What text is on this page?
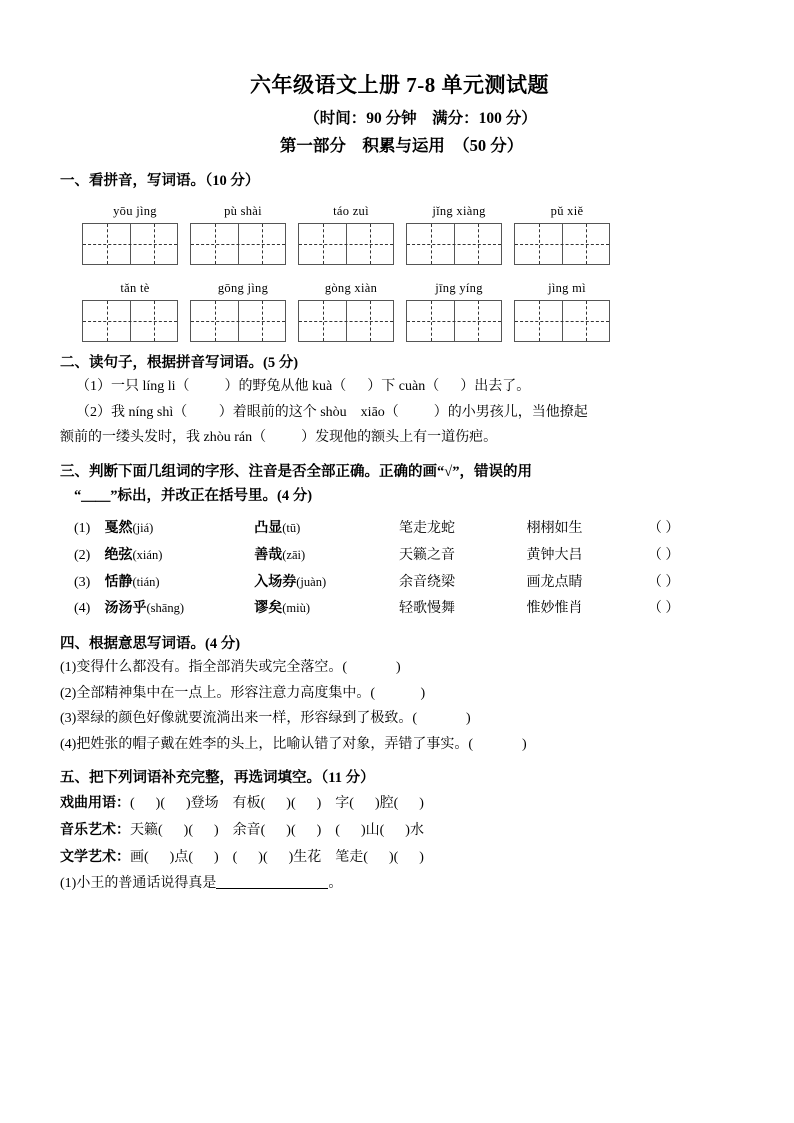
六年级语文上册 7-8 单元测试题
（时间：90 分钟　满分：100 分）
第一部分　积累与运用　（50 分）
一、看拼音，写词语。（10 分）
yōu jìng	pù shài	táo zuì	jǐng xiàng	pǔ xiě
tǎn tè	gōng jìng	gòng xiàn	jīng yíng	jìng mì
二、读句子，根据拼音写词语。(5 分)
（1）一只 líng li（          ）的野兔从他 kuà（      ）下 cuàn（      ）出去了。
（2）我 níng shì（         ）着眼前的这个 shòu　xiāo（          ）的小男孩儿，当他撩起
额前的一缕头发时，我 zhòu rán（          ）发现他的额头上有一道伤疤。
三、判断下面几组词的字形、注音是否全部正确。正确的画“√”，错误的用
“＿＿”标出，并改正在括号里。(4 分)
(1)	戛然(jiá)	凸显(tū)	笔走龙蛇	栩栩如生	（ ）
(2)	绝弦(xián)	善哉(zāi)	天籁之音	黄钟大吕	（ ）
(3)	恬静(tián)	入场券(juàn)	余音绕梁	画龙点睛	（ ）
(4)	汤汤乎(shāng)	谬矣(miù)	轻歌慢舞	惟妙惟肖	（ ）
四、根据意思写词语。(4 分)
(1)变得什么都没有。指全部消失或完全落空。(              )
(2)全部精神集中在一点上。形容注意力高度集中。(             )
(3)翠绿的颜色好像就要流淌出来一样，形容绿到了极致。(              )
(4)把姓张的帽子戴在姓李的头上，比喻认错了对象，弄错了事实。(              )
五、把下列词语补充完整，再选词填空。（11 分）
戏曲用语：(      )(      )登场　有板(      )(      )　字(      )腔(      )
音乐艺术：天籁(      )(      )　余音(      )(      )　(      )山(      )水
文学艺术：画(      )点(      )　(      )(      )生花　笔走(      )(      )
(1)小王的普通话说得真是	。
